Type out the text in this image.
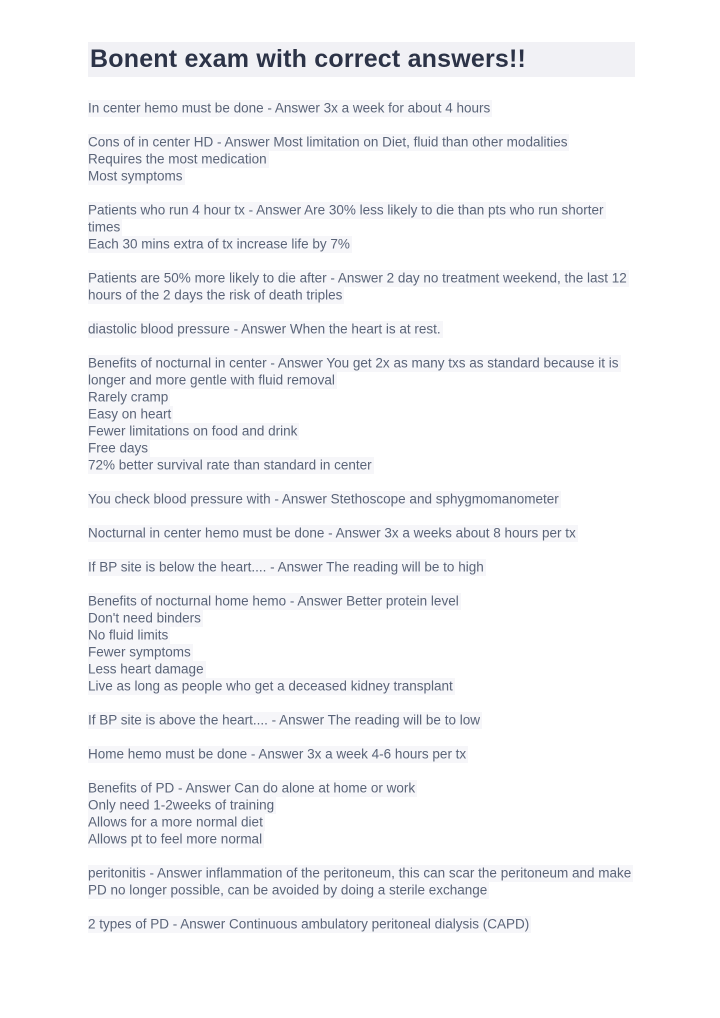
Bonent exam with correct answers!!
In center hemo must be done - Answer 3x a week for about 4 hours
Cons of in center HD - Answer Most limitation on Diet, fluid than other modalities
Requires the most medication
Most symptoms
Patients who run 4 hour tx - Answer Are 30% less likely to die than pts who run shorter times
Each 30 mins extra of tx increase life by 7%
Patients are 50% more likely to die after - Answer 2 day no treatment weekend, the last 12 hours of the 2 days the risk of death triples
diastolic blood pressure - Answer When the heart is at rest.
Benefits of nocturnal in center - Answer You get 2x as many txs as standard because it is longer and more gentle with fluid removal
Rarely cramp
Easy on heart
Fewer limitations on food and drink
Free days
72% better survival rate than standard in center
You check blood pressure with - Answer Stethoscope and sphygmomanometer
Nocturnal in center hemo must be done - Answer 3x a weeks about 8 hours per tx
If BP site is below the heart.... - Answer The reading will be to high
Benefits of nocturnal home hemo - Answer Better protein level
Don't need binders
No fluid limits
Fewer symptoms
Less heart damage
Live as long as people who get a deceased kidney transplant
If BP site is above the heart.... - Answer The reading will be to low
Home hemo must be done - Answer 3x a week 4-6 hours per tx
Benefits of PD - Answer Can do alone at home or work
Only need 1-2weeks of training
Allows for a more normal diet
Allows pt to feel more normal
peritonitis - Answer inflammation of the peritoneum, this can scar the peritoneum and make PD no longer possible, can be avoided by doing a sterile exchange
2 types of PD - Answer Continuous ambulatory peritoneal dialysis (CAPD)
